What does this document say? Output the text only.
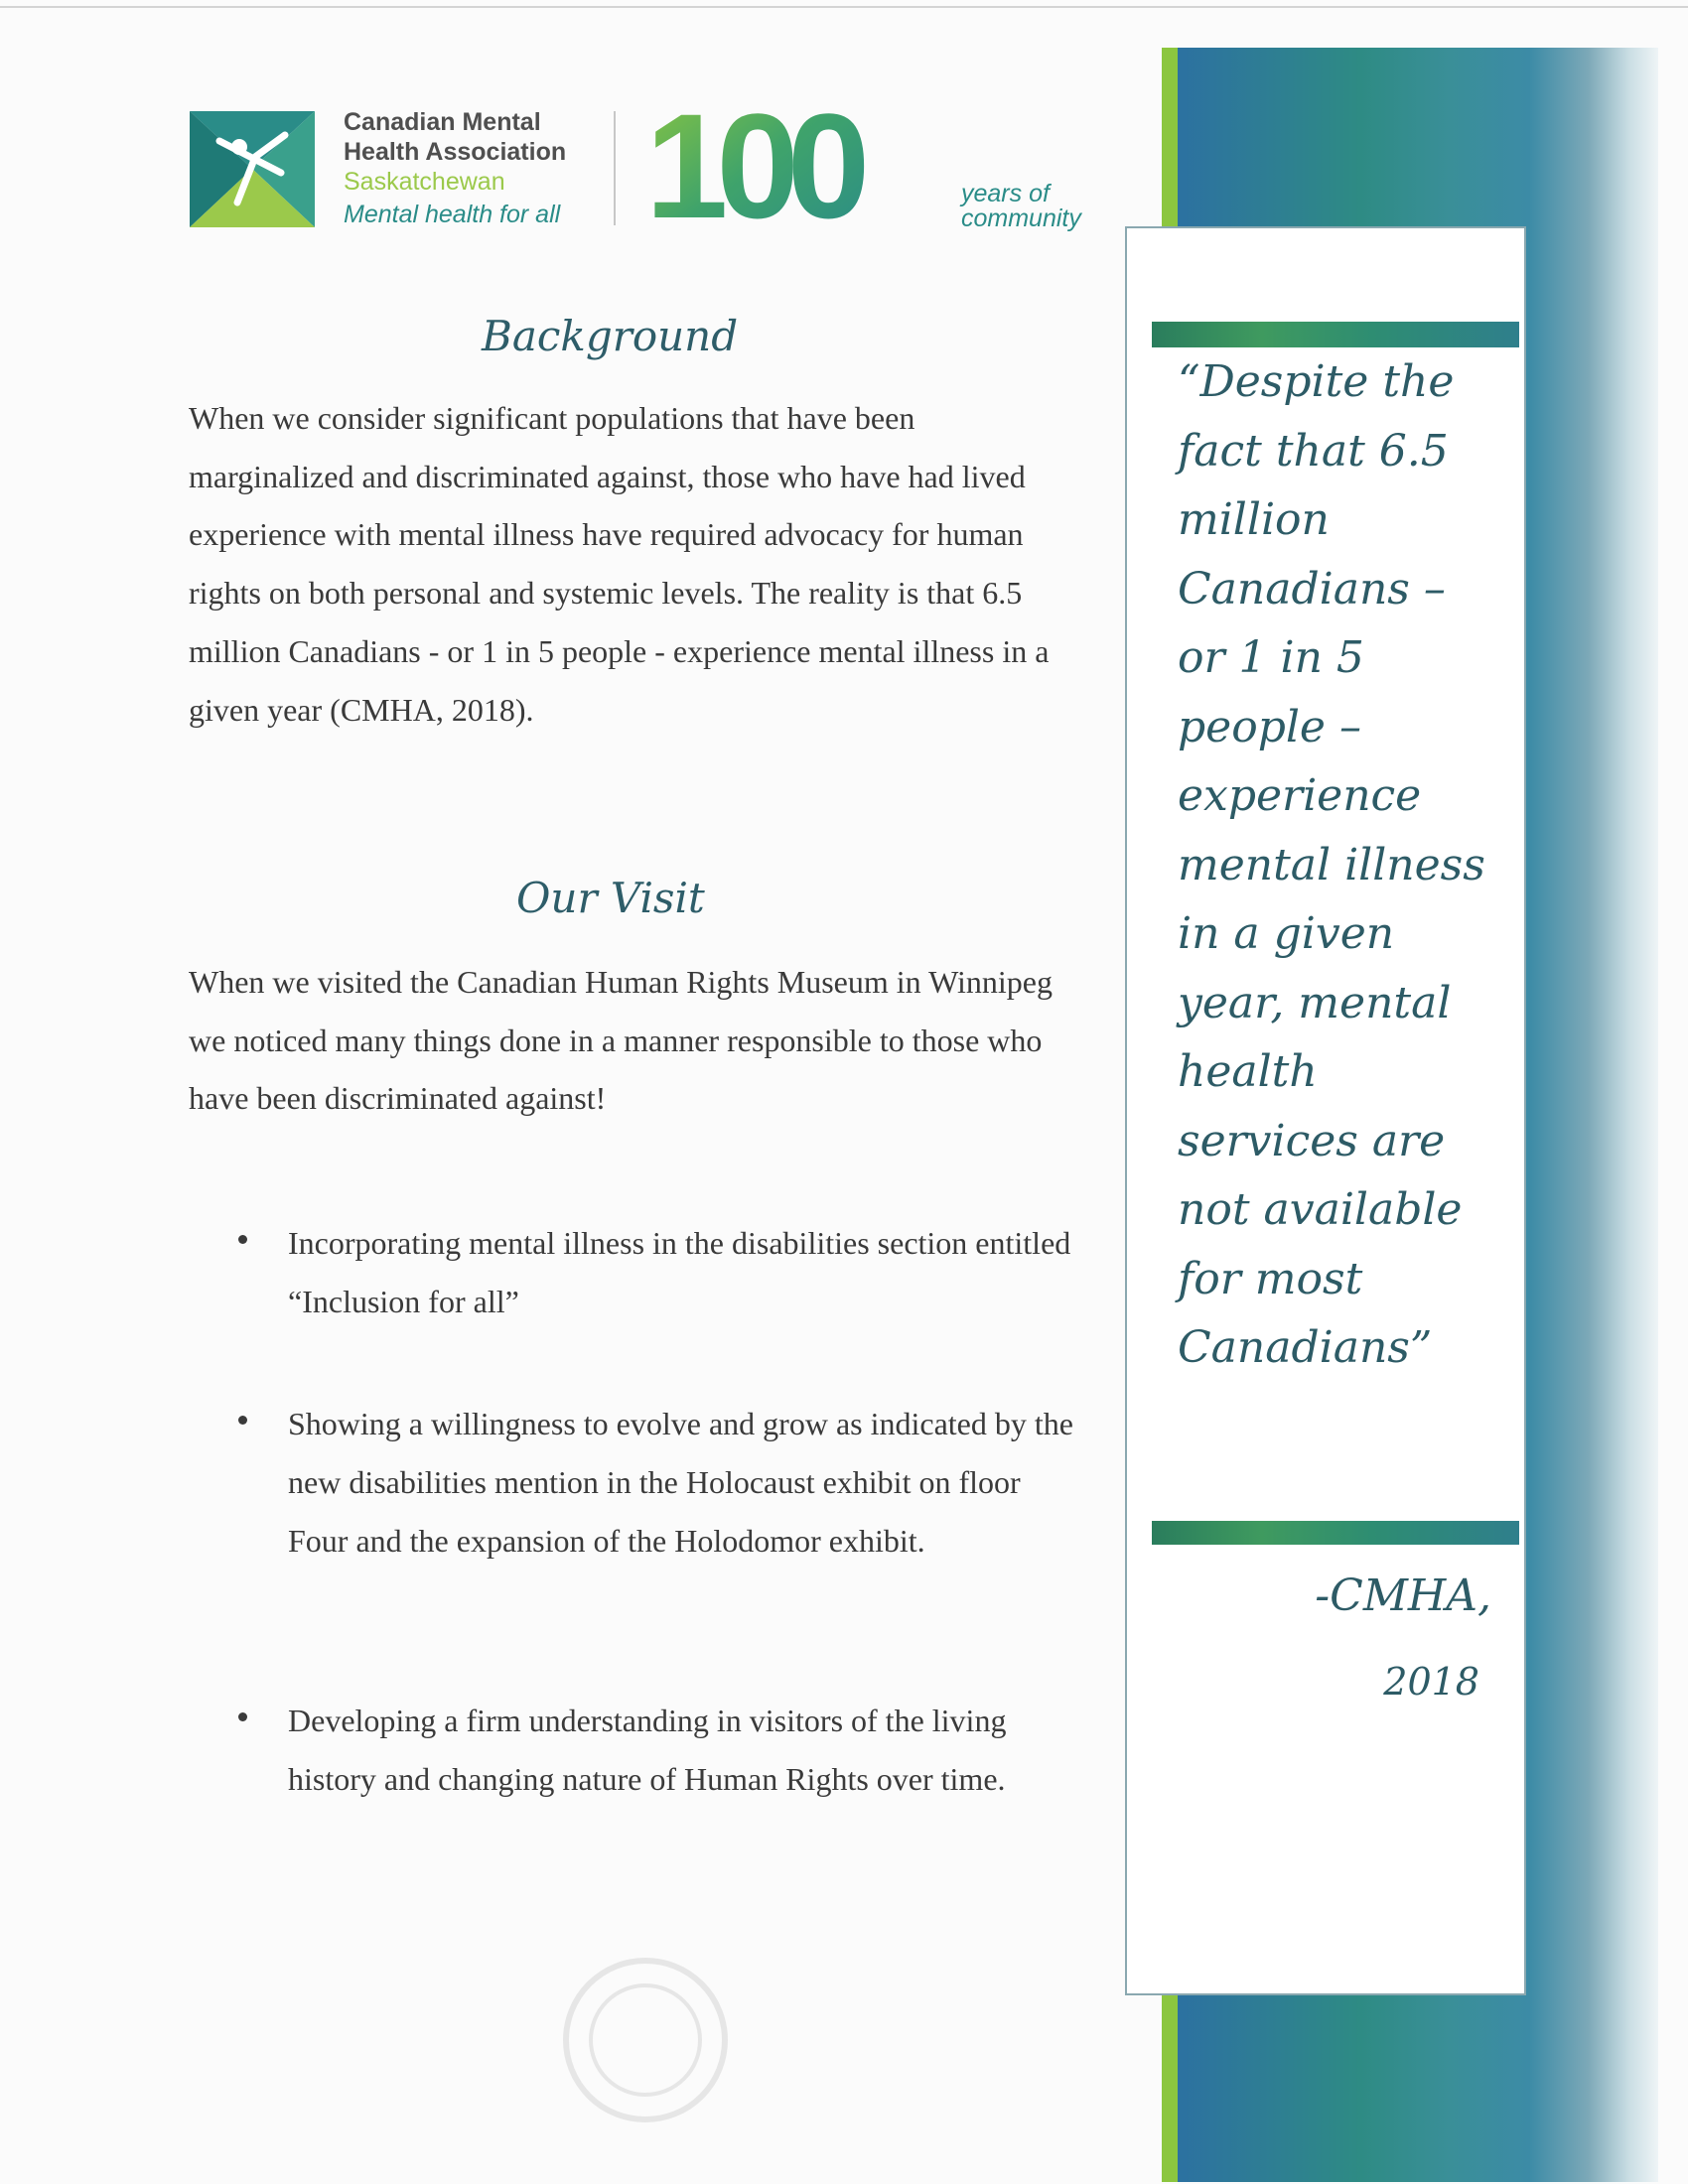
Canadian Mental
Health Association
Saskatchewan
Mental health for all 100	years of
community
Background
When we consider significant populations that have been marginalized and discriminated against, those who have had lived experience with mental illness have required advocacy for human rights on both personal and systemic levels. The reality is that 6.5 million Canadians - or 1 in 5 people - experience mental illness in a given year (CMHA, 2018).
Our Visit
When we visited the Canadian Human Rights Museum in Winnipeg we noticed many things done in a manner responsible to those who have been discriminated against!
Incorporating mental illness in the disabilities section entitled “Inclusion for all”
Showing a willingness to evolve and grow as indicated by the new disabilities mention in the Holocaust exhibit on floor Four and the expansion of the Holodomor exhibit.
Developing a firm understanding in visitors of the living history and changing nature of Human Rights over time.
“Despite the fact that 6.5 million Canadians – or 1 in 5 people – experience mental illness in a given year, mental health services are not available for most Canadians”
-CMHA,
2018
